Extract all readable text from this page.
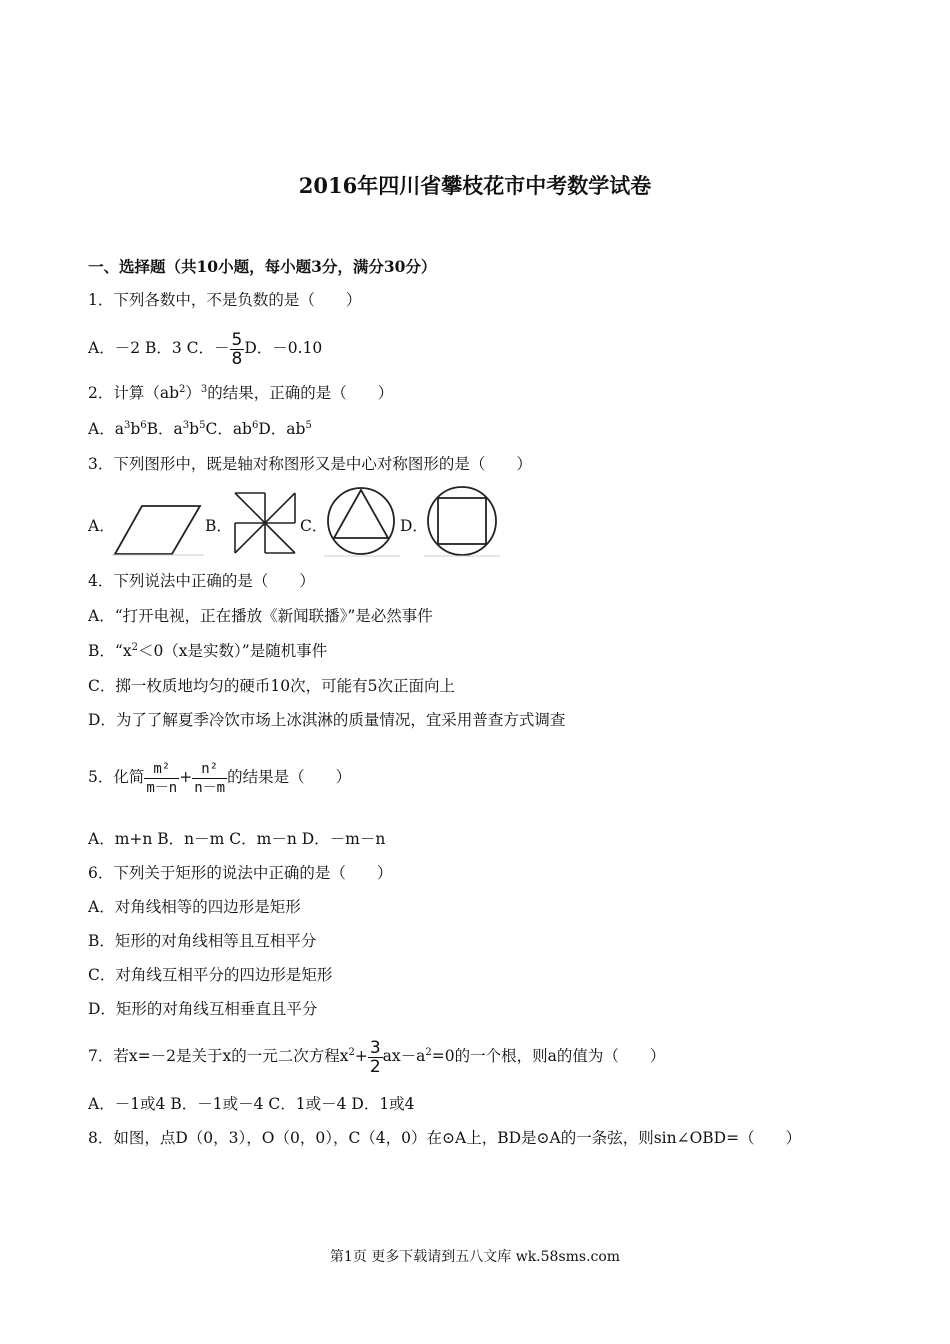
2016年四川省攀枝花市中考数学试卷
一、选择题（共10小题，每小题3分，满分30分）
1．下列各数中，不是负数的是（　　）
A．－2 B．3 C．－ $\frac{5}{8}$ D．－0.10
2．计算$(ab^2)^3$的结果，正确的是（　　）
A．$a^3b^6B$．$a^3b^5C$．$ab^6D$．$ab^5$
3．下列图形中，既是轴对称图形又是中心对称图形的是（　　）
A．	B．	C．	D．
4．下列说法中正确的是（　　）
A．“打开电视，正在播放《新闻联播》”是必然事件
B．“$x^2<0(x$是实数）”是随机事件
C．掷一枚质地均匀的硬币10次，可能有5次正面向上
D．为了了解夏季冷饮市场上冰淇淋的质量情况，宜采用普查方式调查
5．化简 $\frac{\text{m²}}{m-n} + \frac{\text{n²}}{n-m}$ 的结果是（　　）
A．m+n B．n－m C．m－n D．－m－n
6．下列关于矩形的说法中正确的是（　　）
A．对角线相等的四边形是矩形
B．矩形的对角线相等且互相平分
C．对角线互相平分的四边形是矩形
D．矩形的对角线互相垂直且平分
7．若x=－2是关于x的一元二次方程$x^2+ \frac{3}{2} ax-a^2=0$的一个根，则a的值为（　　）
A．－1或4 B．－1或－4 C．1或－4 D．1或4
8．如图，点D（0，3），O（0，0），C（4，0）在⊙A上，BD是⊙A的一条弦，则sin∠OBD=（　　）
第1页 更多下载请到五八文库 wk.58sms.com
